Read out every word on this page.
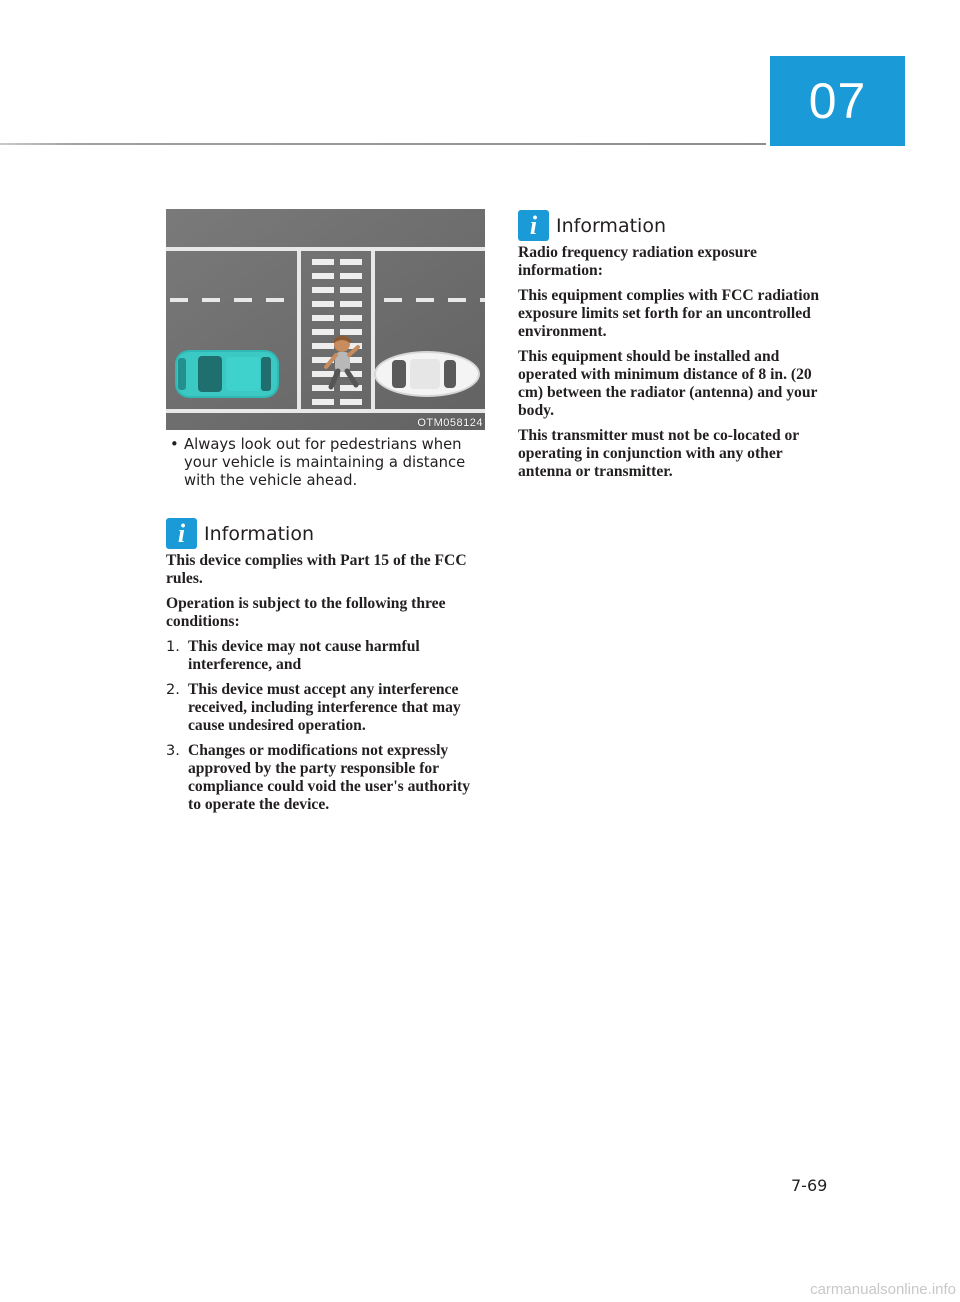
07
OTM058124
• Always look out for pedestrians when your vehicle is maintaining a distance with the vehicle ahead.
i Information

This device complies with Part 15 of the FCC rules.

Operation is subject to the following three conditions:

1. This device may not cause harmful interference, and
2. This device must accept any interference received, including interference that may cause undesired operation.
3. Changes or modifications not expressly approved by the party responsible for compliance could void the user's authority to operate the device.
i Information

Radio frequency radiation exposure information:

This equipment complies with FCC radiation exposure limits set forth for an uncontrolled environment.

This equipment should be installed and operated with minimum distance of 8 in. (20 cm) between the radiator (antenna) and your body.

This transmitter must not be co-located or operating in conjunction with any other antenna or transmitter.

7-69
carmanualsonline.info
